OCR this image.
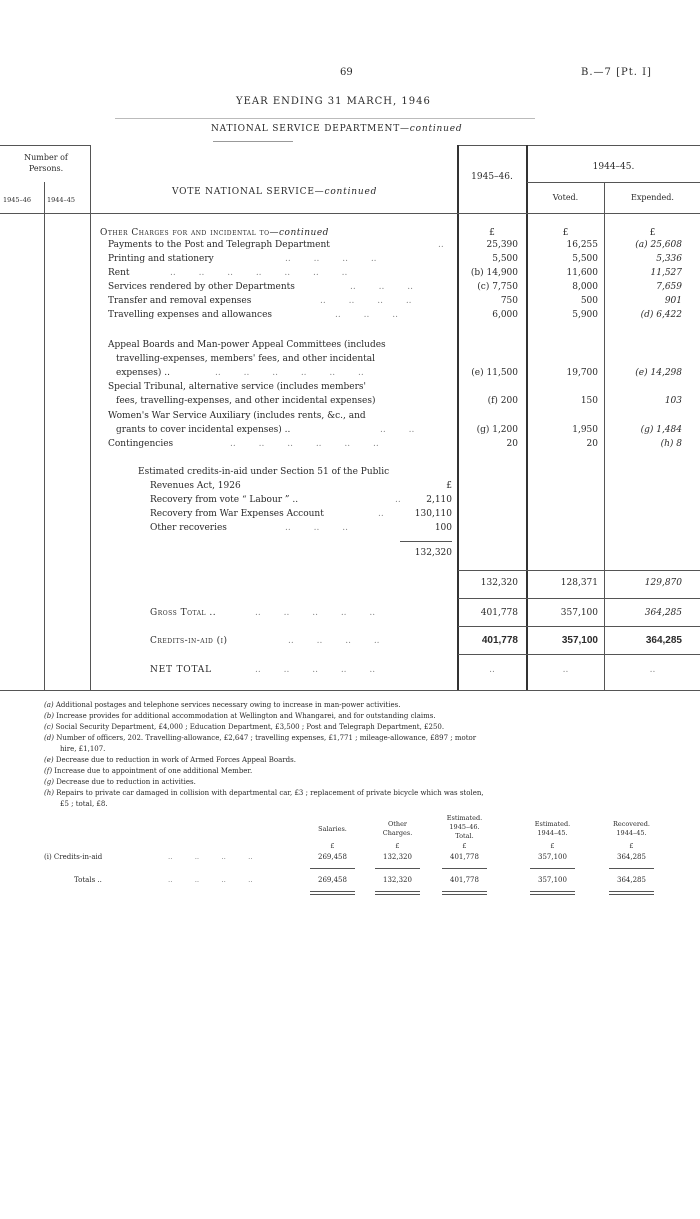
69	B.—7 [Pt. I]
YEAR ENDING 31 MARCH, 1946
NATIONAL SERVICE DEPARTMENT—continued
Number of Persons.
1945–46 1944–45
VOTE NATIONAL SERVICE—continued
1945–46.
1944–45.
Voted.	Expended.
Other Charges for and incidental to—continued	£	£	£
Payments to the Post and Telegraph Department	..	25,390	16,255	(a) 25,608
Printing and stationery	..        ..        ..        ..	5,500	5,500	5,336
Rent	..        ..        ..        ..        ..        ..        ..	(b) 14,900	11,600	11,527
Services rendered by other Departments	..        ..        ..	(c) 7,750	8,000	7,659
Transfer and removal expenses	..        ..        ..        ..	750	500	901
Travelling expenses and allowances	..        ..        ..	6,000	5,900	(d) 6,422
Appeal Boards and Man-power Appeal Committees (includes
travelling-expenses, members' fees, and other incidental
expenses) ..	..        ..        ..        ..        ..        ..	(e) 11,500	19,700	(e) 14,298
Special Tribunal, alternative service (includes members'
fees, travelling-expenses, and other incidental expenses)	(f) 200	150	103
Women's War Service Auxiliary (includes rents, &c., and
grants to cover incidental expenses) ..	..        ..	(g) 1,200	1,950	(g) 1,484
Contingencies	..        ..        ..        ..        ..        ..	20	20	(h) 8
Estimated credits-in-aid under Section 51 of the Public
Revenues Act, 1926	£
Recovery from vote “ Labour ” ..	..	2,110
Recovery from War Expenses Account	..	130,110
Other recoveries	..        ..        ..	100
132,320
132,320	128,371	129,870
Gross Total ..	..        ..        ..        ..        ..	401,778	357,100	364,285
Credits-in-aid (i)	..        ..        ..        ..	401,778	357,100	364,285
NET TOTAL	..        ..        ..        ..        ..	..	..	..
(a) Additional postages and telephone services necessary owing to increase in man-power activities.
(b) Increase provides for additional accommodation at Wellington and Whangarei, and for outstanding claims.
(c) Social Security Department, £4,000 ; Education Department, £3,500 ; Post and Telegraph Department, £250.
(d) Number of officers, 202. Travelling-allowance, £2,647 ; travelling expenses, £1,771 ; mileage-allowance, £897 ; motor
hire, £1,107.
(e) Decrease due to reduction in work of Armed Forces Appeal Boards.
(f) Increase due to appointment of one additional Member.
(g) Decrease due to reduction in activities.
(h) Repairs to private car damaged in collision with departmental car, £3 ; replacement of private bicycle which was stolen,
£5 ; total, £8.
Salaries.
Other
Charges.
Estimated.
1945–46.
Total.
Estimated.
1944–45.
Recovered.
1944–45.
£	£	£	£	£
(i) Credits-in-aid	..          ..          ..          ..	269,458	132,320	401,778	357,100	364,285
Totals ..	..          ..          ..          ..	269,458	132,320	401,778	357,100	364,285
